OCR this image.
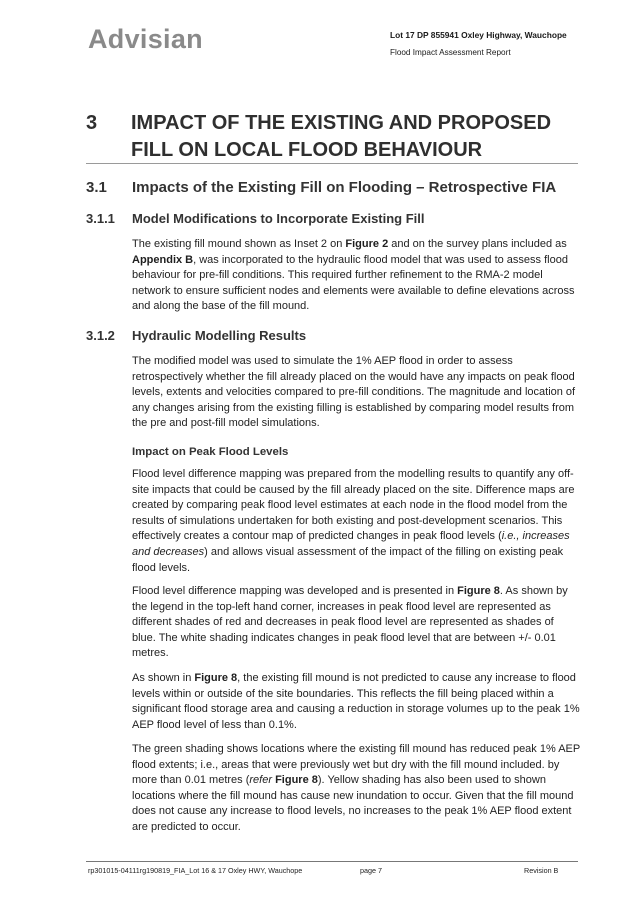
Advisian	Lot 17 DP 855941 Oxley Highway, Wauchope
Flood Impact Assessment Report
3 IMPACT OF THE EXISTING AND PROPOSED FILL ON LOCAL FLOOD BEHAVIOUR
3.1 Impacts of the Existing Fill on Flooding – Retrospective FIA
3.1.1 Model Modifications to Incorporate Existing Fill

The existing fill mound shown as Inset 2 on Figure 2 and on the survey plans included as Appendix B, was incorporated to the hydraulic flood model that was used to assess flood behaviour for pre-fill conditions. This required further refinement to the RMA-2 model network to ensure sufficient nodes and elements were available to define elevations across and along the base of the fill mound.

3.1.2 Hydraulic Modelling Results

The modified model was used to simulate the 1% AEP flood in order to assess retrospectively whether the fill already placed on the would have any impacts on peak flood levels, extents and velocities compared to pre-fill conditions. The magnitude and location of any changes arising from the existing filling is established by comparing model results from the pre and post-fill model simulations.

Impact on Peak Flood Levels

Flood level difference mapping was prepared from the modelling results to quantify any off-site impacts that could be caused by the fill already placed on the site. Difference maps are created by comparing peak flood level estimates at each node in the flood model from the results of simulations undertaken for both existing and post-development scenarios. This effectively creates a contour map of predicted changes in peak flood levels (i.e., increases and decreases) and allows visual assessment of the impact of the filling on existing peak flood levels.

Flood level difference mapping was developed and is presented in Figure 8. As shown by the legend in the top-left hand corner, increases in peak flood level are represented as different shades of red and decreases in peak flood level are represented as shades of blue. The white shading indicates changes in peak flood level that are between +/- 0.01 metres.

As shown in Figure 8, the existing fill mound is not predicted to cause any increase to flood levels within or outside of the site boundaries. This reflects the fill being placed within a significant flood storage area and causing a reduction in storage volumes up to the peak 1% AEP flood level of less than 0.1%.

The green shading shows locations where the existing fill mound has reduced peak 1% AEP flood extents; i.e., areas that were previously wet but dry with the fill mound included. by more than 0.01 metres (refer Figure 8). Yellow shading has also been used to shown locations where the fill mound has cause new inundation to occur. Given that the fill mound does not cause any increase to flood levels, no increases to the peak 1% AEP flood extent are predicted to occur.

rp301015-04111rg190819_FIA_Lot 16 & 17 Oxley HWY, Wauchope	page 7	Revision B
